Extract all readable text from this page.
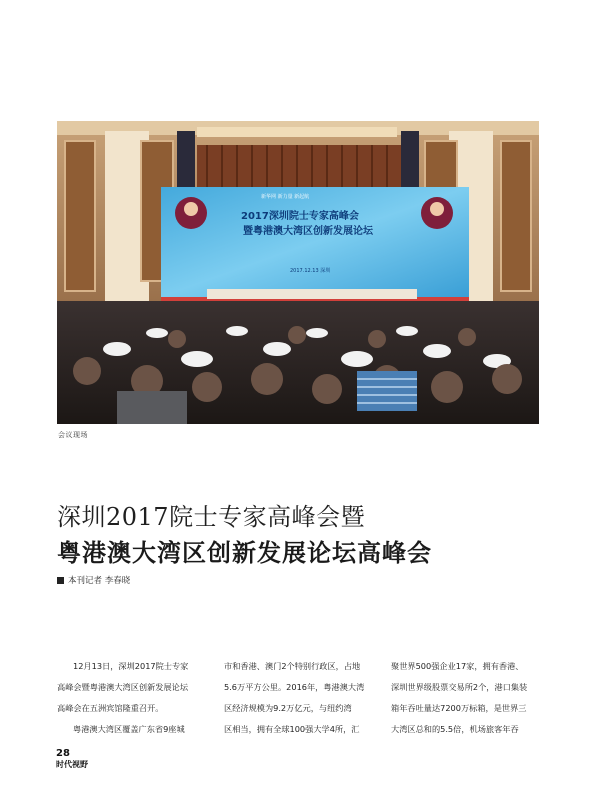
新华网 新力量 新起航
2017深圳院士专家高峰会
暨粤港澳大湾区创新发展论坛
2017.12.13 深圳
会议现场
深圳2017院士专家高峰会暨
粤港澳大湾区创新发展论坛高峰会
本刊记者 李春晓

12月13日，深圳2017院士专家

高峰会暨粤港澳大湾区创新发展论坛

高峰会在五洲宾馆隆重召开。

粤港澳大湾区覆盖广东省9座城

市和香港、澳门2个特别行政区，占地

5.6万平方公里。2016年，粤港澳大湾

区经济规模为9.2万亿元，与纽约湾

区相当，拥有全球100强大学4所，汇

聚世界500强企业17家，拥有香港、

深圳世界级股票交易所2个，港口集装

箱年吞吐量达7200万标箱，是世界三

大湾区总和的5.5倍，机场旅客年吞

28
时代视野
